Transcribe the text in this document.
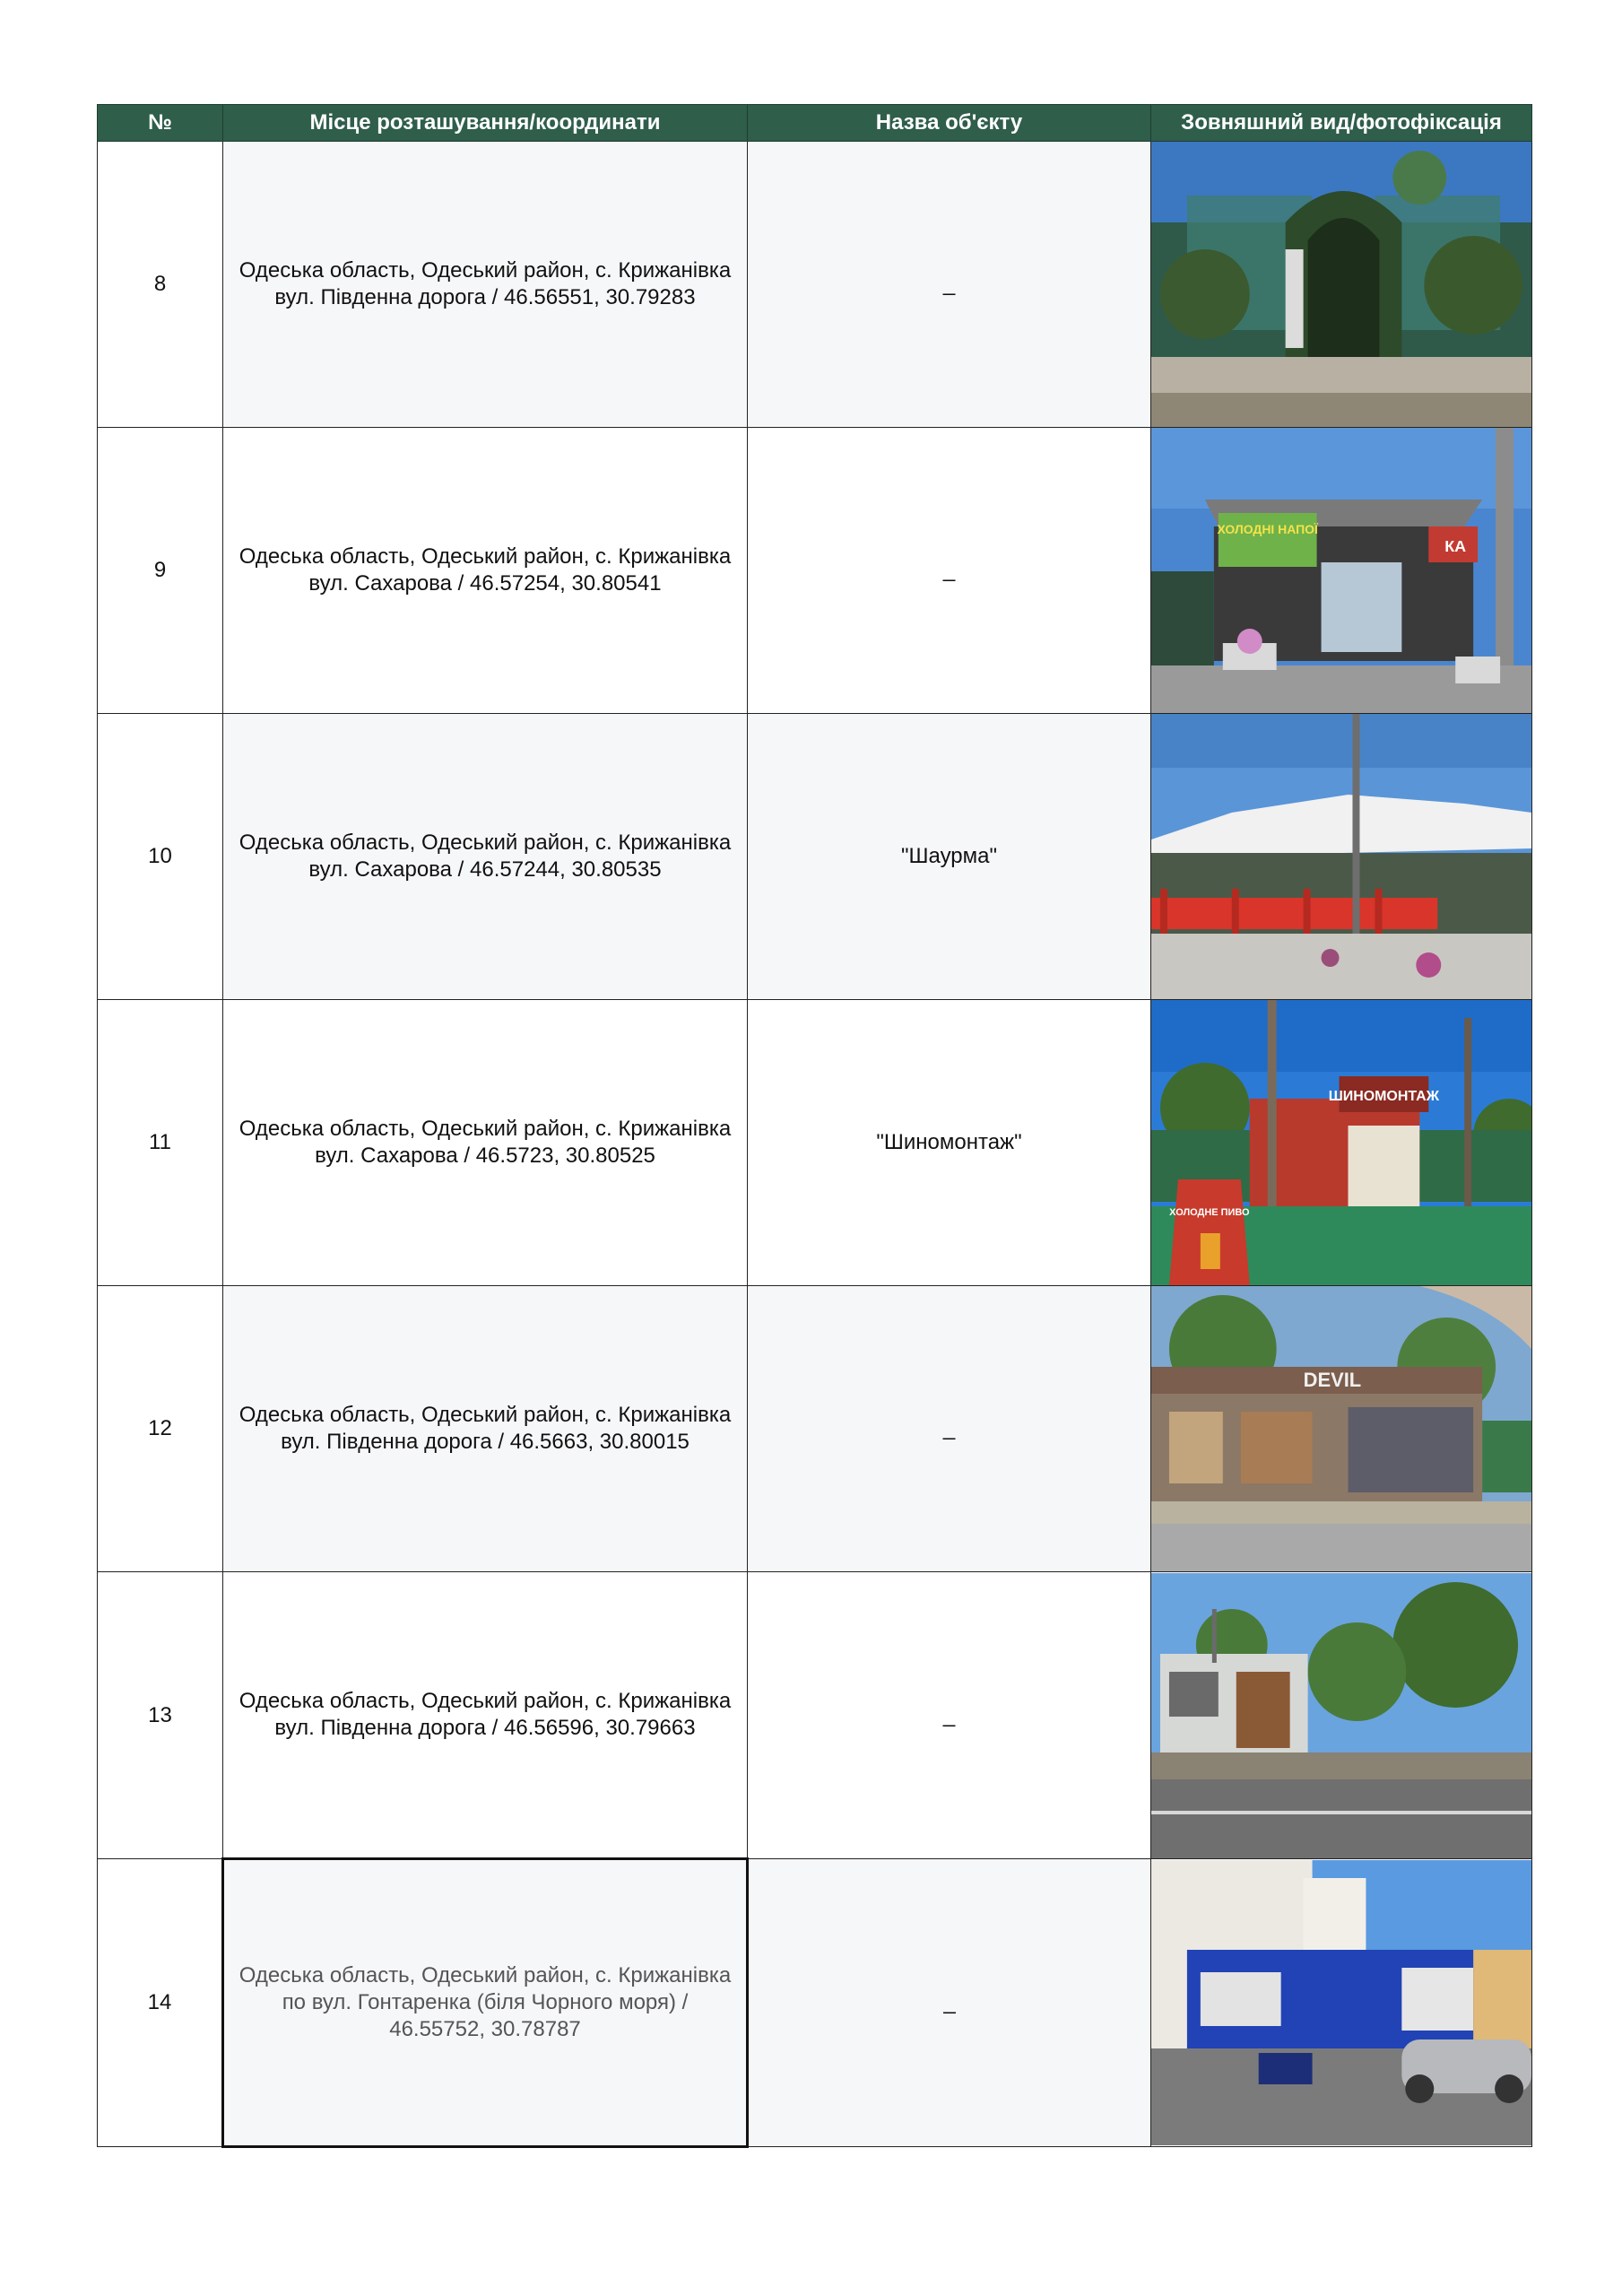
№	Місце розташування/координати	Назва об'єкту	Зовняшний вид/фотофіксація
8	Одеська область, Одеський район, с. Крижанівка вул. Південна дорога / 46.56551, 30.79283	_	

9	Одеська область, Одеський район, с. Крижанівка вул. Сахарова / 46.57254, 30.80541	_	ХОЛОДНІ НАПОЇ
КА

10	Одеська область, Одеський район, с. Крижанівка вул. Сахарова / 46.57244, 30.80535	"Шаурма"	

11	Одеська область, Одеський район, с. Крижанівка вул. Сахарова / 46.5723, 30.80525	"Шиномонтаж"	ШИНОМОНТАЖ
ХОЛОДНЕ ПИВО

12	Одеська область, Одеський район, с. Крижанівка вул. Південна дорога / 46.5663, 30.80015	_	DEVIL

13	Одеська область, Одеський район, с. Крижанівка вул. Південна дорога / 46.56596, 30.79663	_	

14	Одеська область, Одеський район, с. Крижанівка по вул. Гонтаренка (біля Чорного моря) / 46.55752, 30.78787	_	
